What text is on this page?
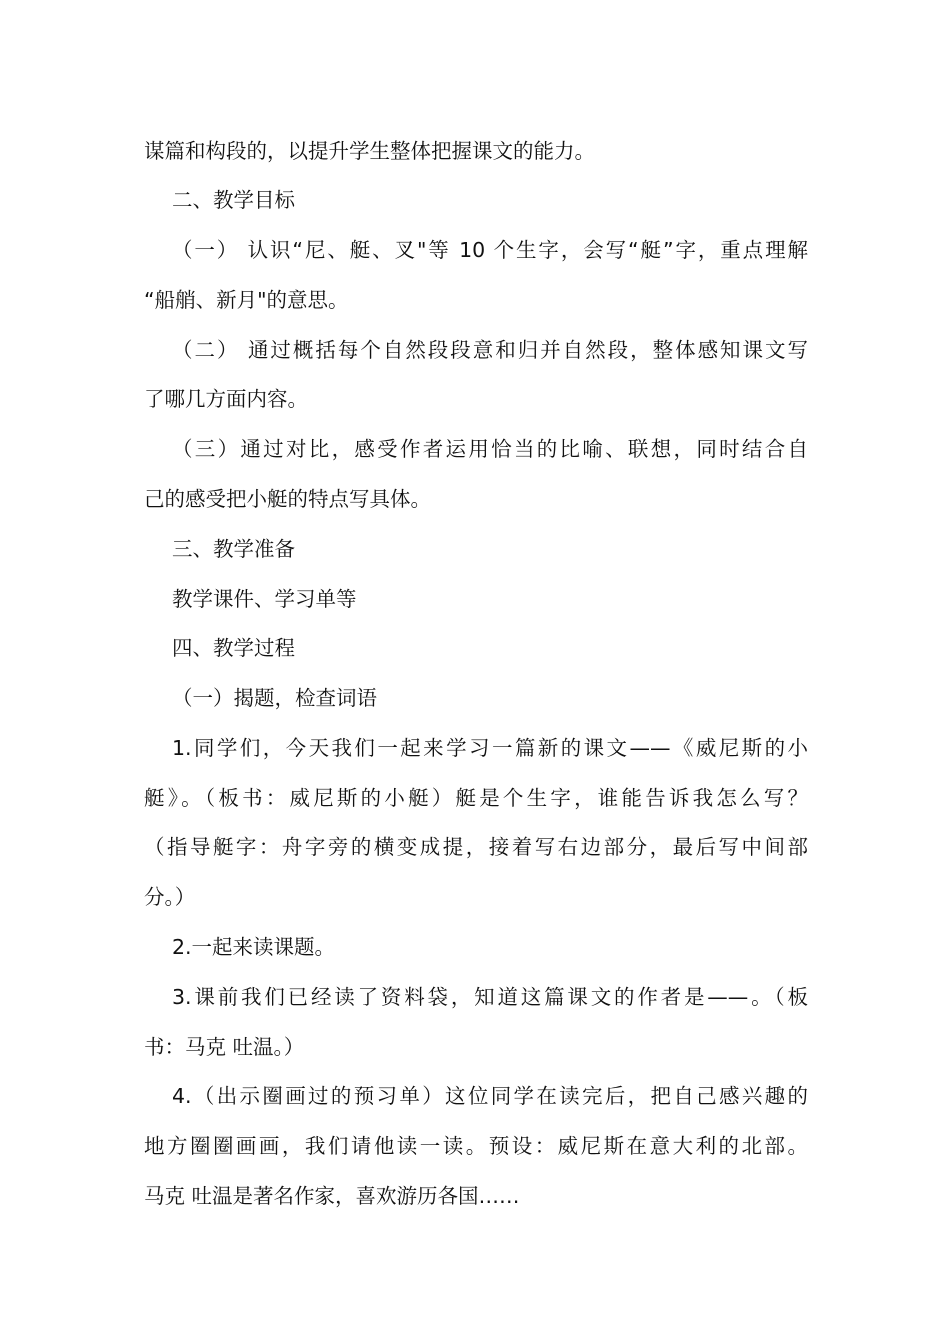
谋篇和构段的，以提升学生整体把握课文的能力。
二、教学目标
（一） 认识“尼、艇、叉"等 10 个生字，会写“艇”字，重点理解
“船艄、新月"的意思。
（二） 通过概括每个自然段段意和归并自然段，整体感知课文写
了哪几方面内容。
（三）通过对比，感受作者运用恰当的比喻、联想，同时结合自
己的感受把小艇的特点写具体。
三、教学准备
教学课件、学习单等
四、教学过程
（一）揭题，检查词语
1.同学们，今天我们一起来学习一篇新的课文——《威尼斯的小
艇》。（板书：威尼斯的小艇）艇是个生字，谁能告诉我怎么写？
（指导艇字：舟字旁的横变成提，接着写右边部分，最后写中间部
分。）
2.一起来读课题。
3.课前我们已经读了资料袋，知道这篇课文的作者是——。（板
书：马克 吐温。）
4.（出示圈画过的预习单）这位同学在读完后，把自己感兴趣的
地方圈圈画画，我们请他读一读。预设：威尼斯在意大利的北部。
马克 吐温是著名作家，喜欢游历各国……
